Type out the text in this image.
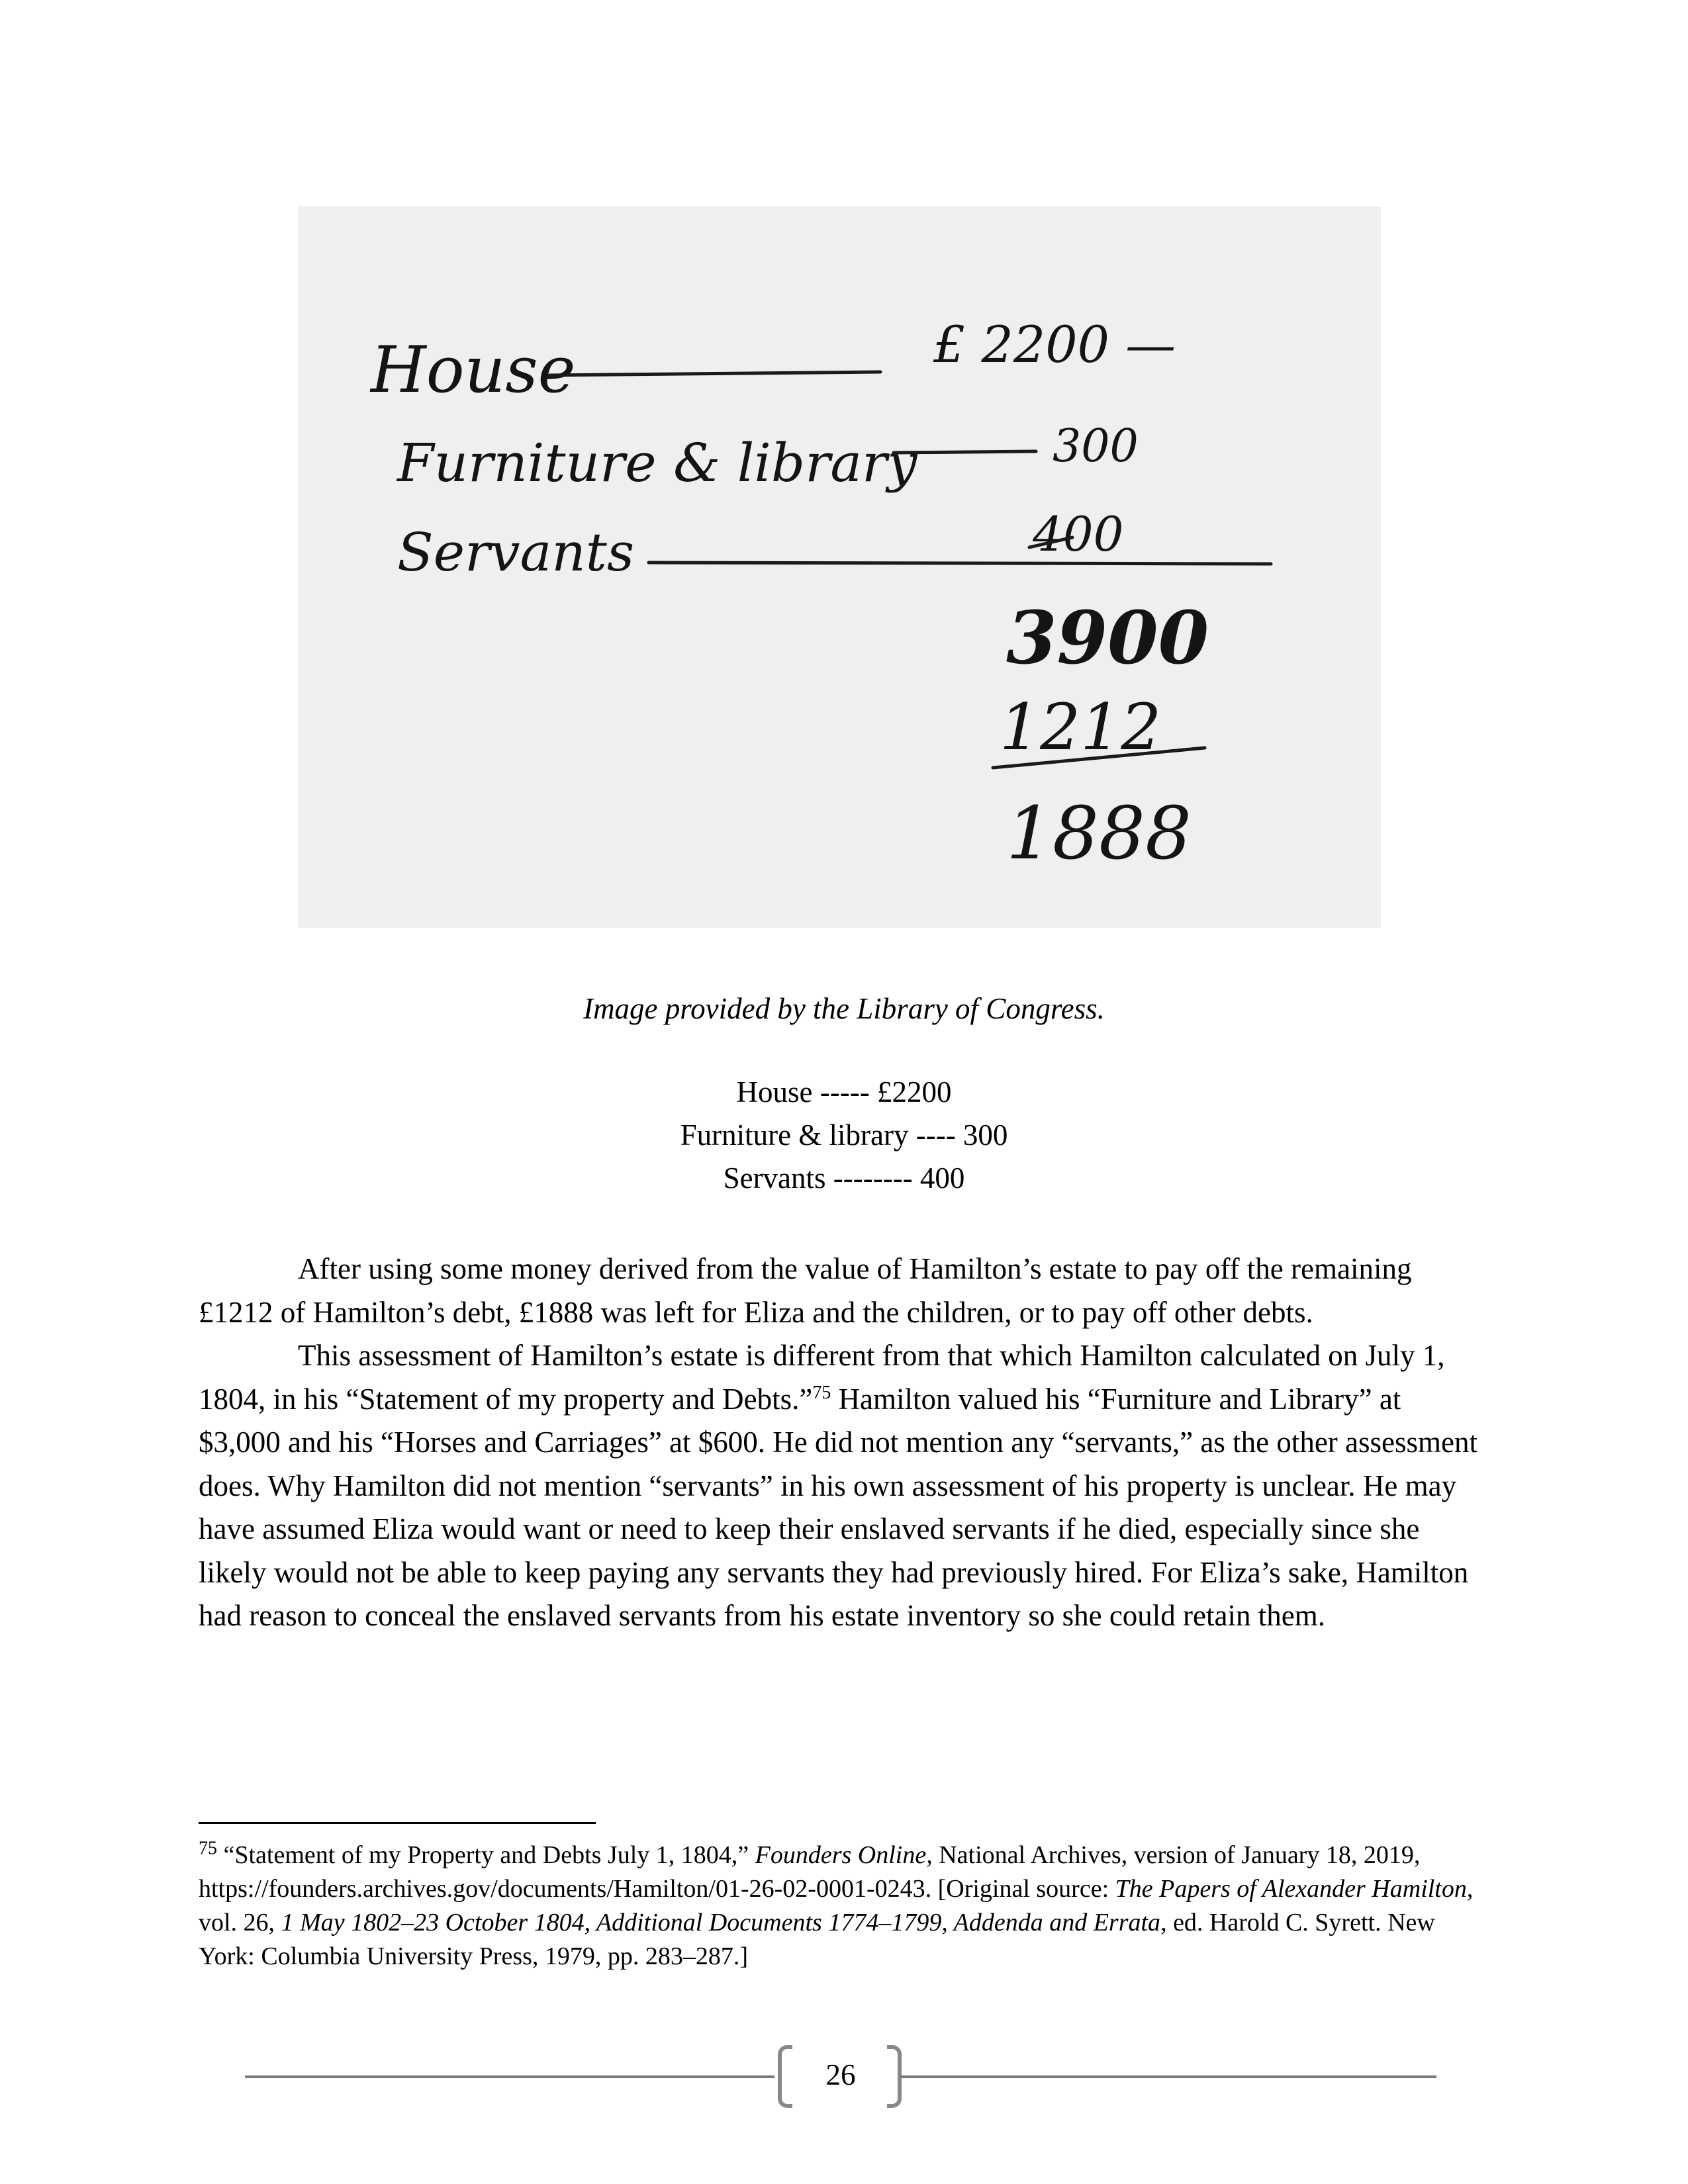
House
Furniture & library
Servants
£ 2200 —
300
400
3900
1212
1888
Image provided by the Library of Congress.
House ----- £2200
Furniture & library ---- 300
Servants -------- 400

After using some money derived from the value of Hamilton’s estate to pay off the remaining £1212 of Hamilton’s debt, £1888 was left for Eliza and the children, or to pay off other debts.

This assessment of Hamilton’s estate is different from that which Hamilton calculated on July 1, 1804, in his “Statement of my property and Debts.”$^{75}$ Hamilton valued his “Furniture and Library” at $3,000 and his “Horses and Carriages” at $600. He did not mention any “servants,” as the other assessment does. Why Hamilton did not mention “servants” in his own assessment of his property is unclear. He may have assumed Eliza would want or need to keep their enslaved servants if he died, especially since she likely would not be able to keep paying any servants they had previously hired. For Eliza’s sake, Hamilton had reason to conceal the enslaved servants from his estate inventory so she could retain them.

$^{75}$ “Statement of my Property and Debts July 1, 1804,” Founders Online, National Archives, version of January 18, 2019, https://founders.archives.gov/documents/Hamilton/01-26-02-0001-0243. [Original source: The Papers of Alexander Hamilton, vol. 26, 1 May 1802–23 October 1804, Additional Documents 1774–1799, Addenda and Errata, ed. Harold C. Syrett. New York: Columbia University Press, 1979, pp. 283–287.]
26
